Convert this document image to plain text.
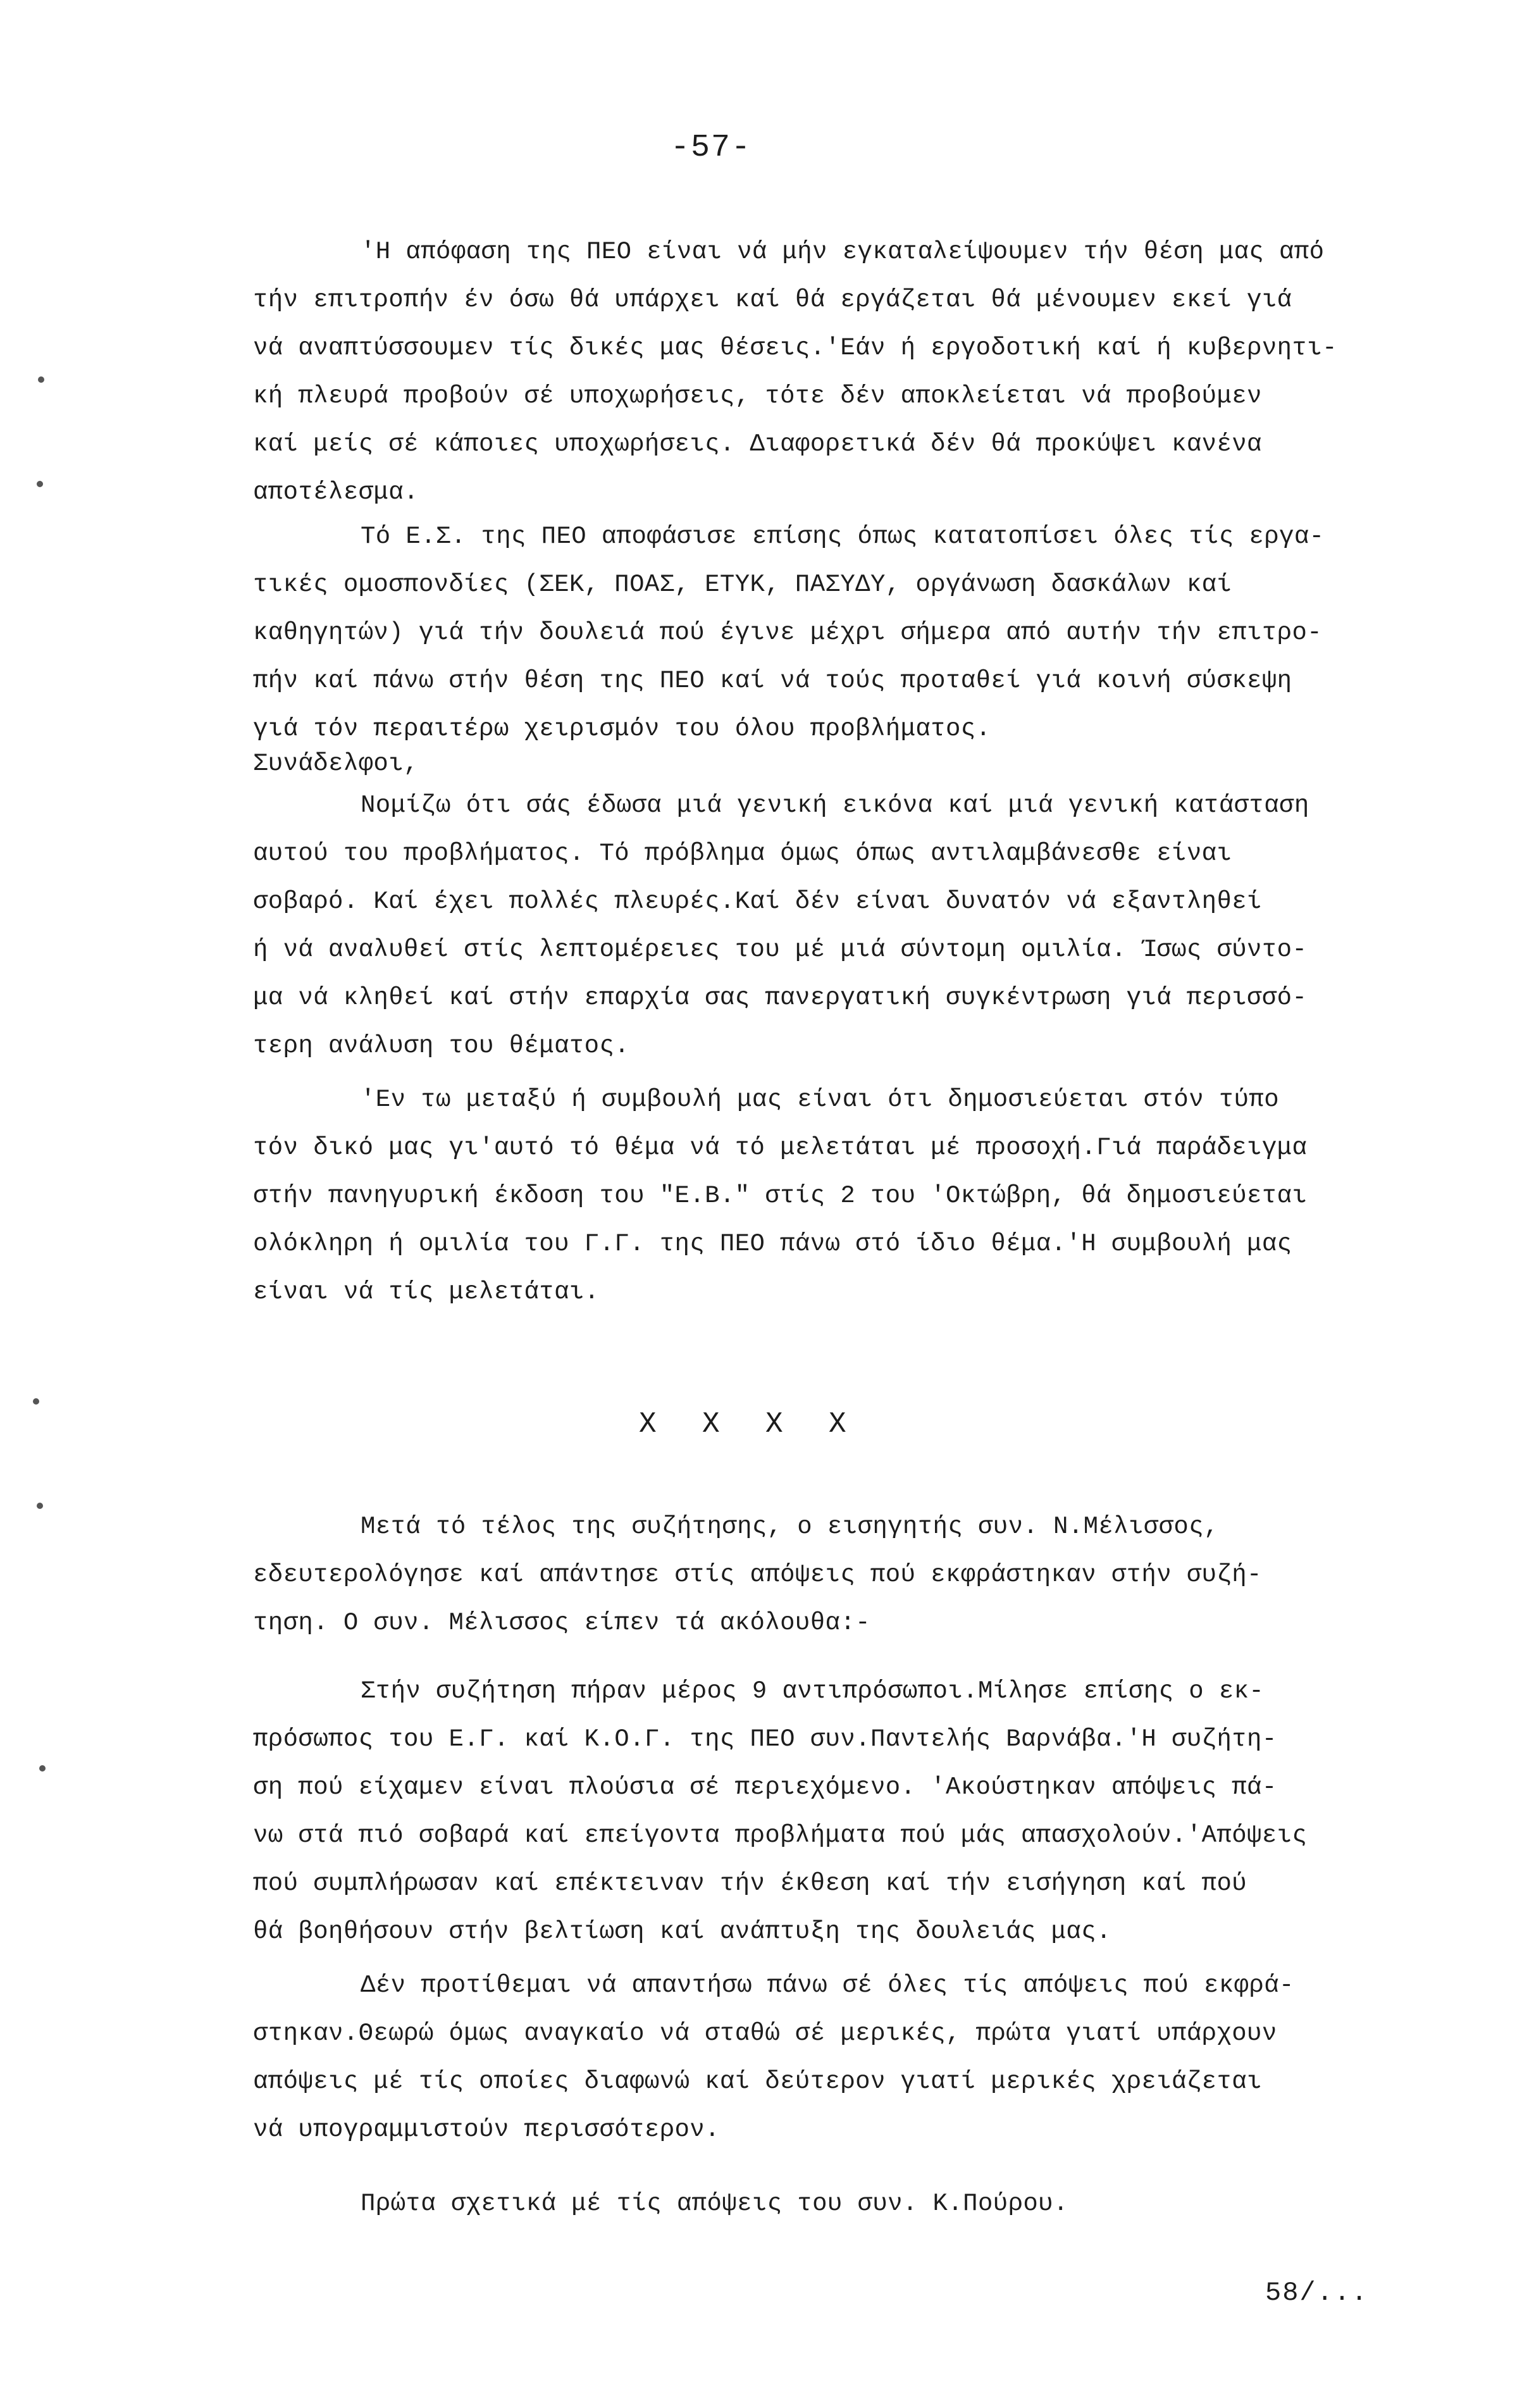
-57-
'Η απόφαση της ΠΕΟ είναι νά μήν εγκαταλείψουμεν τήν θέση μας από
τήν επιτροπήν έν όσω θά υπάρχει καί θά εργάζεται θά μένουμεν εκεί γιά
νά αναπτύσσουμεν τίς δικές μας θέσεις.'Εάν ή εργοδοτική καί ή κυβερνητι-
κή πλευρά προβούν σέ υποχωρήσεις, τότε δέν αποκλείεται νά προβούμεν
καί μείς σέ κάποιες υποχωρήσεις. Διαφορετικά δέν θά προκύψει κανένα
αποτέλεσμα.
Τό Ε.Σ. της ΠΕΟ αποφάσισε επίσης όπως κατατοπίσει όλες τίς εργα-
τικές ομοσπονδίες (ΣΕΚ, ΠΟΑΣ, ΕΤΥΚ, ΠΑΣΥΔΥ, οργάνωση δασκάλων καί
καθηγητών) γιά τήν δουλειά πού έγινε μέχρι σήμερα από αυτήν τήν επιτρο-
πήν καί πάνω στήν θέση της ΠΕΟ καί νά τούς προταθεί γιά κοινή σύσκεψη
γιά τόν περαιτέρω χειρισμόν του όλου προβλήματος.
Συνάδελφοι,
Νομίζω ότι σάς έδωσα μιά γενική εικόνα καί μιά γενική κατάσταση
αυτού του προβλήματος. Τό πρόβλημα όμως όπως αντιλαμβάνεσθε είναι
σοβαρό. Καί έχει πολλές πλευρές.Καί δέν είναι δυνατόν νά εξαντληθεί
ή νά αναλυθεί στίς λεπτομέρειες του μέ μιά σύντομη ομιλία. Ίσως σύντο-
μα νά κληθεί καί στήν επαρχία σας πανεργατική συγκέντρωση γιά περισσό-
τερη ανάλυση του θέματος.
'Εν τω μεταξύ ή συμβουλή μας είναι ότι δημοσιεύεται στόν τύπο
τόν δικό μας γι'αυτό τό θέμα νά τό μελετάται μέ προσοχή.Γιά παράδειγμα
στήν πανηγυρική έκδοση του "Ε.Β." στίς 2 του 'Οκτώβρη, θά δημοσιεύεται
ολόκληρη ή ομιλία του Γ.Γ. της ΠΕΟ πάνω στό ίδιο θέμα.'Η συμβουλή μας
είναι νά τίς μελετάται.
X X X X
Μετά τό τέλος της συζήτησης, ο εισηγητής συν. Ν.Μέλισσος,
εδευτερολόγησε καί απάντησε στίς απόψεις πού εκφράστηκαν στήν συζή-
τηση. Ο συν. Μέλισσος είπεν τά ακόλουθα:-
Στήν συζήτηση πήραν μέρος 9 αντιπρόσωποι.Μίλησε επίσης ο εκ-
πρόσωπος του Ε.Γ. καί Κ.Ο.Γ. της ΠΕΟ συν.Παντελής Βαρνάβα.'Η συζήτη-
ση πού είχαμεν είναι πλούσια σέ περιεχόμενο. 'Ακούστηκαν απόψεις πά-
νω στά πιό σοβαρά καί επείγοντα προβλήματα πού μάς απασχολούν.'Απόψεις
πού συμπλήρωσαν καί επέκτειναν τήν έκθεση καί τήν εισήγηση καί πού
θά βοηθήσουν στήν βελτίωση καί ανάπτυξη της δουλειάς μας.
Δέν προτίθεμαι νά απαντήσω πάνω σέ όλες τίς απόψεις πού εκφρά-
στηκαν.Θεωρώ όμως αναγκαίο νά σταθώ σέ μερικές, πρώτα γιατί υπάρχουν
απόψεις μέ τίς οποίες διαφωνώ καί δεύτερον γιατί μερικές χρειάζεται
νά υπογραμμιστούν περισσότερον.
Πρώτα σχετικά μέ τίς απόψεις του συν. Κ.Πούρου.
58/...
